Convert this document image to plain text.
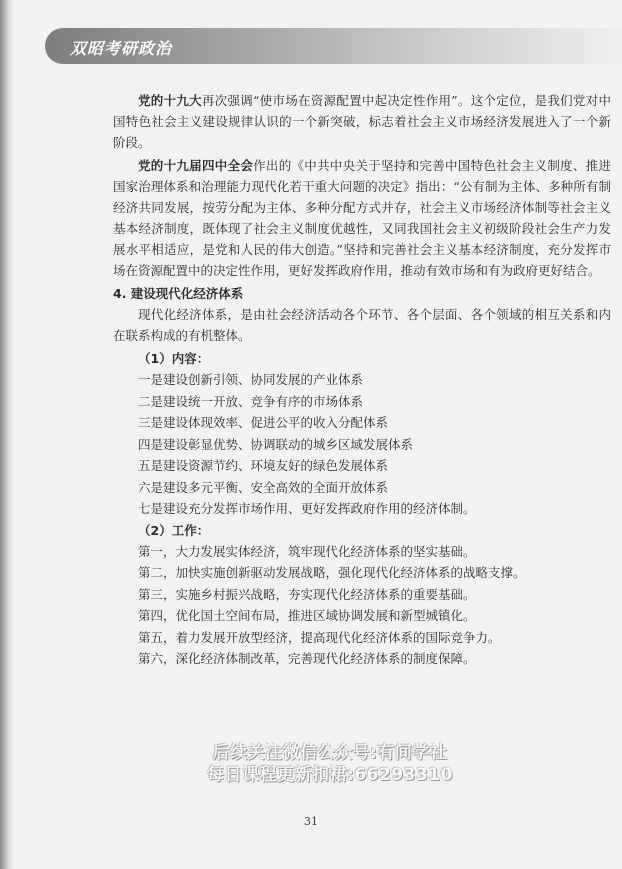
双昭考研政治

党的十九大再次强调“使市场在资源配置中起决定性作用”。这个定位，是我们党对中国特色社会主义建设规律认识的一个新突破，标志着社会主义市场经济发展进入了一个新阶段。

党的十九届四中全会作出的《中共中央关于坚持和完善中国特色社会主义制度、推进国家治理体系和治理能力现代化若干重大问题的决定》指出：“公有制为主体、多种所有制经济共同发展，按劳分配为主体、多种分配方式并存，社会主义市场经济体制等社会主义基本经济制度，既体现了社会主义制度优越性，又同我国社会主义初级阶段社会生产力发展水平相适应，是党和人民的伟大创造。”坚持和完善社会主义基本经济制度，充分发挥市场在资源配置中的决定性作用，更好发挥政府作用，推动有效市场和有为政府更好结合。

4. 建设现代化经济体系

现代化经济体系，是由社会经济活动各个环节、各个层面、各个领域的相互关系和内在联系构成的有机整体。

（1）内容：

一是建设创新引领、协同发展的产业体系

二是建设统一开放、竞争有序的市场体系

三是建设体现效率、促进公平的收入分配体系

四是建设彰显优势、协调联动的城乡区域发展体系

五是建设资源节约、环境友好的绿色发展体系

六是建设多元平衡、安全高效的全面开放体系

七是建设充分发挥市场作用、更好发挥政府作用的经济体制。

（2）工作：

第一，大力发展实体经济，筑牢现代化经济体系的坚实基础。

第二，加快实施创新驱动发展战略，强化现代化经济体系的战略支撑。

第三，实施乡村振兴战略，夯实现代化经济体系的重要基础。

第四，优化国土空间布局，推进区域协调发展和新型城镇化。

第五，着力发展开放型经济，提高现代化经济体系的国际竞争力。

第六，深化经济体制改革，完善现代化经济体系的制度保障。

后续关注微信公众号:有间学社
每日课程更新扣裙:66293310
31
